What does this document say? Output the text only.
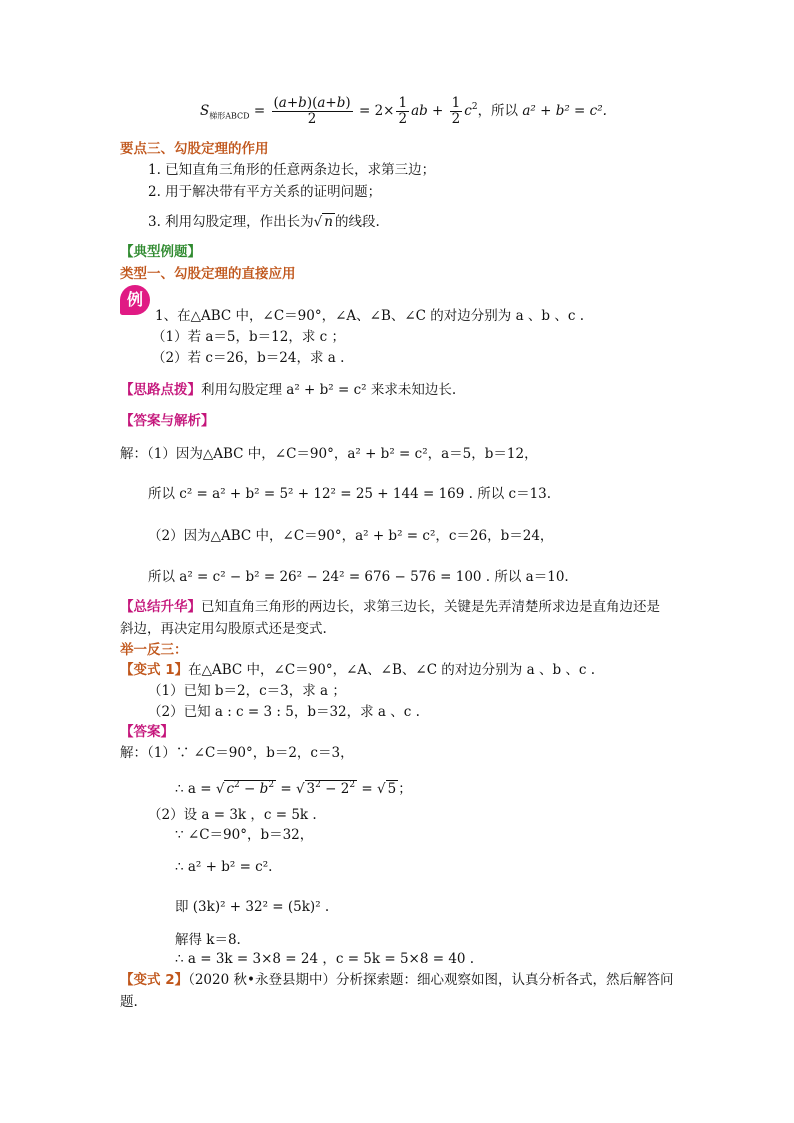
$S_{梯形ABCD} = \frac{(a+b)(a+b)}{2} = 2\times \frac{1}{2}$ ab + $\frac{1}{2} c^2$，所以 a² + b² = c².
要点三、勾股定理的作用
1. 已知直角三角形的任意两条边长，求第三边；
2. 用于解决带有平方关系的证明问题；
3. 利用勾股定理，作出长为√ n 的线段.
【典型例题】
类型一、勾股定理的直接应用
例
1、在△ABC 中，∠C＝90°，∠A、∠B、∠C 的对边分别为 a 、b 、c .
（1）若 a＝5，b＝12，求 c ；
（2）若 c＝26，b＝24，求 a .
【思路点拨】利用勾股定理 a² + b² = c² 来求未知边长.
【答案与解析】
解：（1）因为△ABC 中，∠C＝90°，a² + b² = c²，a＝5，b＝12，
所以 c² = a² + b² = 5² + 12² = 25 + 144 = 169 . 所以 c＝13.
（2）因为△ABC 中，∠C＝90°，a² + b² = c²，c＝26，b＝24，
所以 a² = c² − b² = 26² − 24² = 676 − 576 = 100 . 所以 a＝10.
【总结升华】已知直角三角形的两边长，求第三边长，关键是先弄清楚所求边是直角边还是
斜边，再决定用勾股原式还是变式.
举一反三：
【变式 1】在△ABC 中，∠C＝90°，∠A、∠B、∠C 的对边分别为 a 、b 、c .
（1）已知 b＝2，c＝3，求 a ；
（2）已知 a : c = 3 : 5，b＝32，求 a 、c .
【答案】
解：（1）∵ ∠C＝90°，b＝2，c＝3，
∴ a = √ $c^2 - b^2$ = √ $3^2 - 2^2$ = √ 5 ；
（2）设 a = 3k ，c = 5k .
∵ ∠C＝90°，b＝32，
∴ a² + b² = c².
即 (3k)² + 32² = (5k)² .
解得 k＝8.
∴ a = 3k = 3×8 = 24 ，c = 5k = 5×8 = 40 .
【变式 2】（2020 秋•永登县期中）分析探索题：细心观察如图，认真分析各式，然后解答问
题.
